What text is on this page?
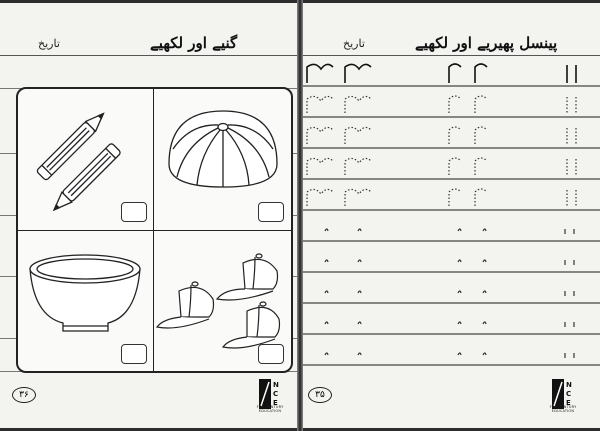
گنیے اور لکھیے
تاریخ
۳۶
N
C
E
FOR CENTURY EDUCATION
پینسل پھیریے اور لکھیے
تاریخ
۳۵
N
C
E
FOR CENTURY EDUCATION
